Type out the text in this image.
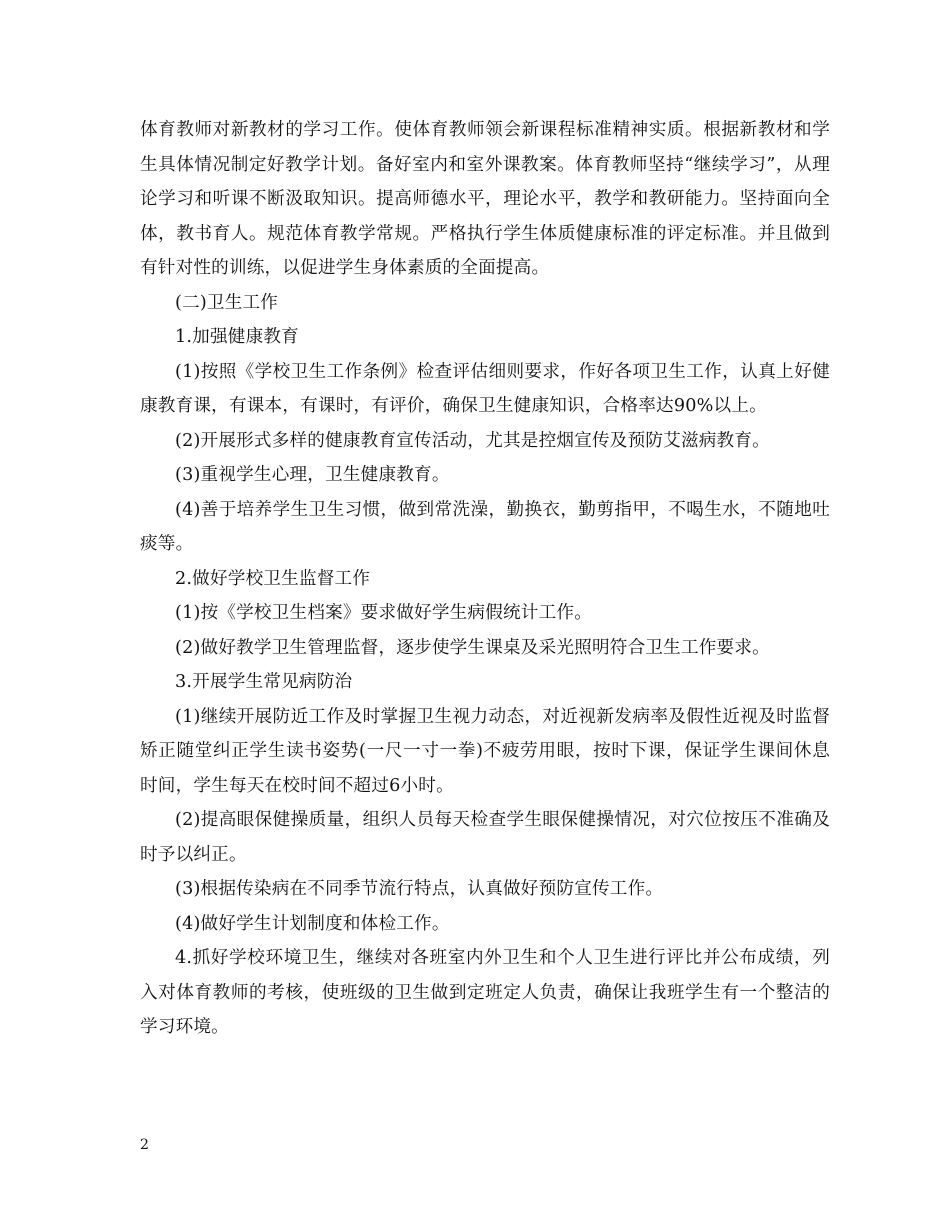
体育教师对新教材的学习工作。使体育教师领会新课程标准精神实质。根据新教材和学生具体情况制定好教学计划。备好室内和室外课教案。体育教师坚持“继续学习”，从理论学习和听课不断汲取知识。提高师德水平，理论水平，教学和教研能力。坚持面向全体，教书育人。规范体育教学常规。严格执行学生体质健康标准的评定标准。并且做到有针对性的训练，以促进学生身体素质的全面提高。

(二)卫生工作

1.加强健康教育

(1)按照《学校卫生工作条例》检查评估细则要求，作好各项卫生工作，认真上好健康教育课，有课本，有课时，有评价，确保卫生健康知识，合格率达90%以上。

(2)开展形式多样的健康教育宣传活动，尤其是控烟宣传及预防艾滋病教育。

(3)重视学生心理，卫生健康教育。

(4)善于培养学生卫生习惯，做到常洗澡，勤换衣，勤剪指甲，不喝生水，不随地吐痰等。

2.做好学校卫生监督工作

(1)按《学校卫生档案》要求做好学生病假统计工作。

(2)做好教学卫生管理监督，逐步使学生课桌及采光照明符合卫生工作要求。

3.开展学生常见病防治

(1)继续开展防近工作及时掌握卫生视力动态，对近视新发病率及假性近视及时监督矫正随堂纠正学生读书姿势(一尺一寸一拳)不疲劳用眼，按时下课，保证学生课间休息时间，学生每天在校时间不超过6小时。

(2)提高眼保健操质量，组织人员每天检查学生眼保健操情况，对穴位按压不准确及时予以纠正。

(3)根据传染病在不同季节流行特点，认真做好预防宣传工作。

(4)做好学生计划制度和体检工作。

4.抓好学校环境卫生，继续对各班室内外卫生和个人卫生进行评比并公布成绩，列入对体育教师的考核，使班级的卫生做到定班定人负责，确保让我班学生有一个整洁的学习环境。

2
